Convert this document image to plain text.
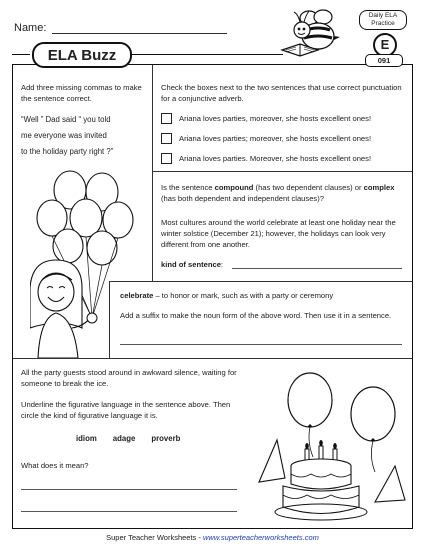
Name:
Daily ELA
Practice
E
ELA Buzz	091
Add three missing commas to make the sentence correct.
“Well ” Dad said “ you told
me everyone was invited
to the holiday party right ?”
Check the boxes next to the two sentences that use correct punctuation for a conjunctive adverb.
Ariana loves parties, moreover, she hosts excellent ones!
Ariana loves parties; moreover, she hosts excellent ones!
Ariana loves parties. Moreover, she hosts excellent ones!
Is the sentence compound (has two dependent clauses) or complex (has both dependent and independent clauses)?
Most cultures around the world celebrate at least one holiday near the winter solstice (December 21); however, the holidays can look very different from one another.
kind of sentence:
celebrate – to honor or mark, such as with a party or ceremony
Add a suffix to make the noun form of the above word. Then use it in a sentence.
All the party guests stood around in awkward silence, waiting for someone to break the ice.
Underline the figurative language in the sentence above. Then circle the kind of figurative language it is.
idiom adage proverb
What does it mean?
Super Teacher Worksheets - www.superteacherworksheets.com
